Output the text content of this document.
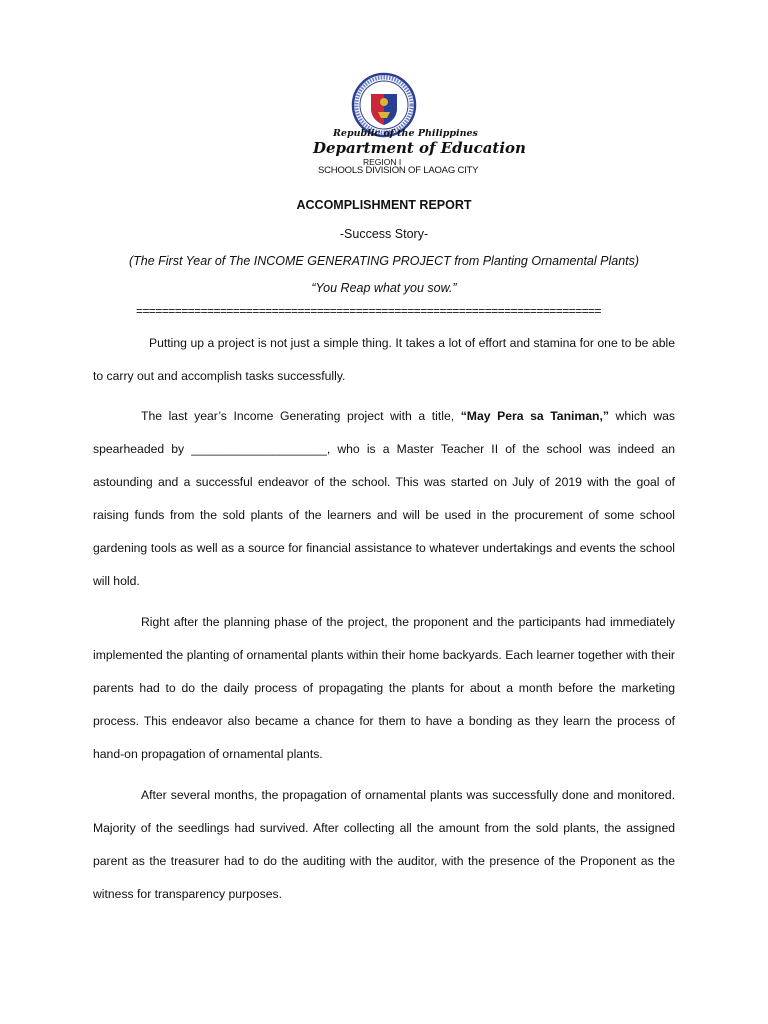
Republic of the Philippines
Department of Education
REGION I
SCHOOLS DIVISION OF LAOAG CITY
ACCOMPLISHMENT REPORT
-Success Story-
(The First Year of The INCOME GENERATING PROJECT from Planting Ornamental Plants)
“You Reap what you sow.”
========================================================================

Putting up a project is not just a simple thing. It takes a lot of effort and stamina for one to be able to carry out and accomplish tasks successfully.

The last year’s Income Generating project with a title, “May Pera sa Taniman,” which was spearheaded by ____________________, who is a Master Teacher II of the school was indeed an astounding and a successful endeavor of the school. This was started on July of 2019 with the goal of raising funds from the sold plants of the learners and will be used in the procurement of some school gardening tools as well as a source for financial assistance to whatever undertakings and events the school will hold.

Right after the planning phase of the project, the proponent and the participants had immediately implemented the planting of ornamental plants within their home backyards. Each learner together with their parents had to do the daily process of propagating the plants for about a month before the marketing process. This endeavor also became a chance for them to have a bonding as they learn the process of hand-on propagation of ornamental plants.

After several months, the propagation of ornamental plants was successfully done and monitored. Majority of the seedlings had survived. After collecting all the amount from the sold plants, the assigned parent as the treasurer had to do the auditing with the auditor, with the presence of the Proponent as the witness for transparency purposes.
